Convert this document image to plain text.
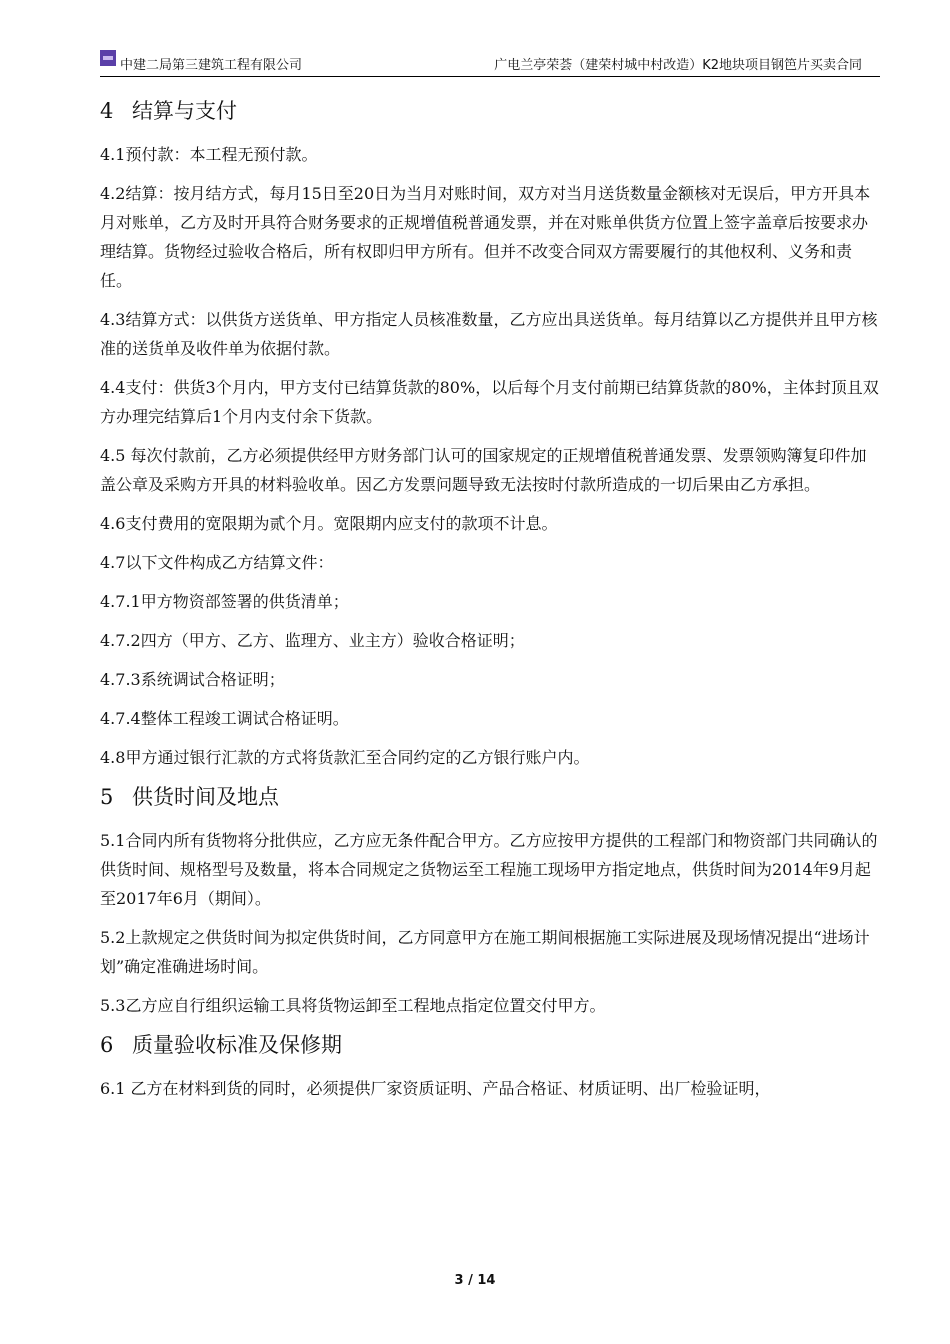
中建二局第三建筑工程有限公司	广电兰亭荣荟（建荣村城中村改造）K2地块项目钢笆片买卖合同
4 结算与支付

4.1预付款：本工程无预付款。

4.2结算：按月结方式，每月15日至20日为当月对账时间，双方对当月送货数量金额核对无误后，甲方开具本月对账单，乙方及时开具符合财务要求的正规增值税普通发票，并在对账单供货方位置上签字盖章后按要求办理结算。货物经过验收合格后，所有权即归甲方所有。但并不改变合同双方需要履行的其他权利、义务和责任。

4.3结算方式：以供货方送货单、甲方指定人员核准数量，乙方应出具送货单。每月结算以乙方提供并且甲方核准的送货单及收件单为依据付款。

4.4支付：供货3个月内，甲方支付已结算货款的80%，以后每个月支付前期已结算货款的80%，主体封顶且双方办理完结算后1个月内支付余下货款。

4.5 每次付款前，乙方必须提供经甲方财务部门认可的国家规定的正规增值税普通发票、发票领购簿复印件加盖公章及采购方开具的材料验收单。因乙方发票问题导致无法按时付款所造成的一切后果由乙方承担。

4.6支付费用的宽限期为贰个月。宽限期内应支付的款项不计息。

4.7以下文件构成乙方结算文件：

4.7.1甲方物资部签署的供货清单；

4.7.2四方（甲方、乙方、监理方、业主方）验收合格证明；

4.7.3系统调试合格证明；

4.7.4整体工程竣工调试合格证明。

4.8甲方通过银行汇款的方式将货款汇至合同约定的乙方银行账户内。

5 供货时间及地点

5.1合同内所有货物将分批供应，乙方应无条件配合甲方。乙方应按甲方提供的工程部门和物资部门共同确认的供货时间、规格型号及数量，将本合同规定之货物运至工程施工现场甲方指定地点，供货时间为2014年9月起至2017年6月（期间）。

5.2上款规定之供货时间为拟定供货时间，乙方同意甲方在施工期间根据施工实际进展及现场情况提出“进场计划”确定准确进场时间。

5.3乙方应自行组织运输工具将货物运卸至工程地点指定位置交付甲方。

6 质量验收标准及保修期

6.1 乙方在材料到货的同时，必须提供厂家资质证明、产品合格证、材质证明、出厂检验证明，

3 / 14
